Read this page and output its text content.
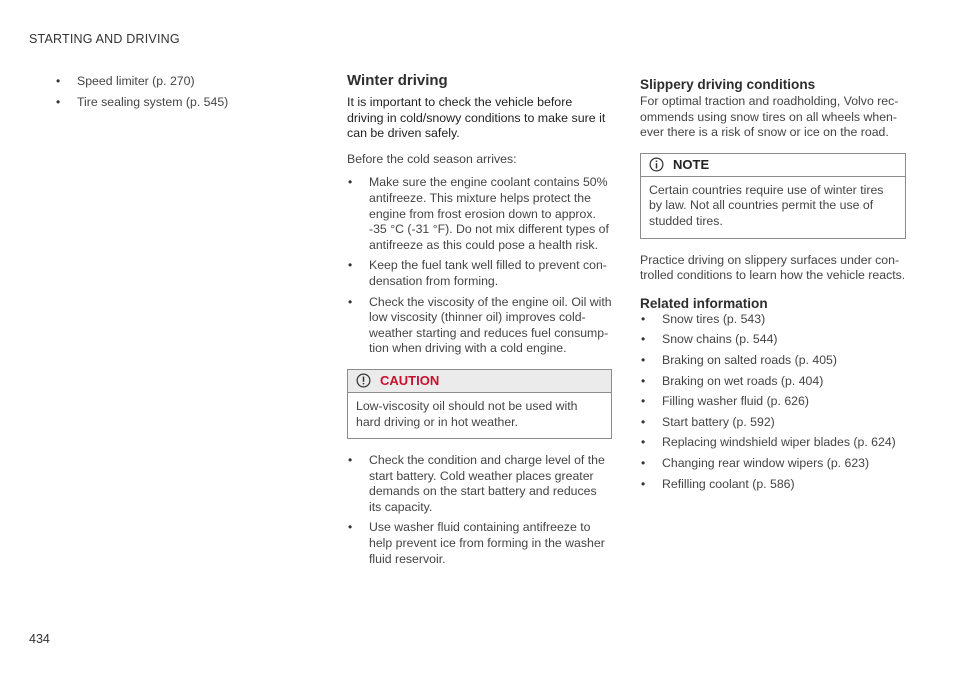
STARTING AND DRIVING
• Speed limiter (p. 270)
• Tire sealing system (p. 545)
Winter driving

It is important to check the vehicle before driving in cold/snowy conditions to make sure it can be driven safely.

Before the cold season arrives:

• Make sure the engine coolant contains 50% antifreeze. This mixture helps protect the engine from frost erosion down to approx. -35 °C (-31 °F). Do not mix different types of antifreeze as this could pose a health risk.
• Keep the fuel tank well filled to prevent con-densation from forming.
• Check the viscosity of the engine oil. Oil with low viscosity (thinner oil) improves cold-weather starting and reduces fuel consump-tion when driving with a cold engine.
CAUTION
Low-viscosity oil should not be used with hard driving or in hot weather.
• Check the condition and charge level of the start battery. Cold weather places greater demands on the start battery and reduces its capacity.
• Use washer fluid containing antifreeze to help prevent ice from forming in the washer fluid reservoir.
Slippery driving conditions

For optimal traction and roadholding, Volvo rec-ommends using snow tires on all wheels when-ever there is a risk of snow or ice on the road.

NOTE
Certain countries require use of winter tires by law. Not all countries permit the use of studded tires.

Practice driving on slippery surfaces under con-trolled conditions to learn how the vehicle reacts.

Related information
• Snow tires (p. 543)
• Snow chains (p. 544)
• Braking on salted roads (p. 405)
• Braking on wet roads (p. 404)
• Filling washer fluid (p. 626)
• Start battery (p. 592)
• Replacing windshield wiper blades (p. 624)
• Changing rear window wipers (p. 623)
• Refilling coolant (p. 586)
434
